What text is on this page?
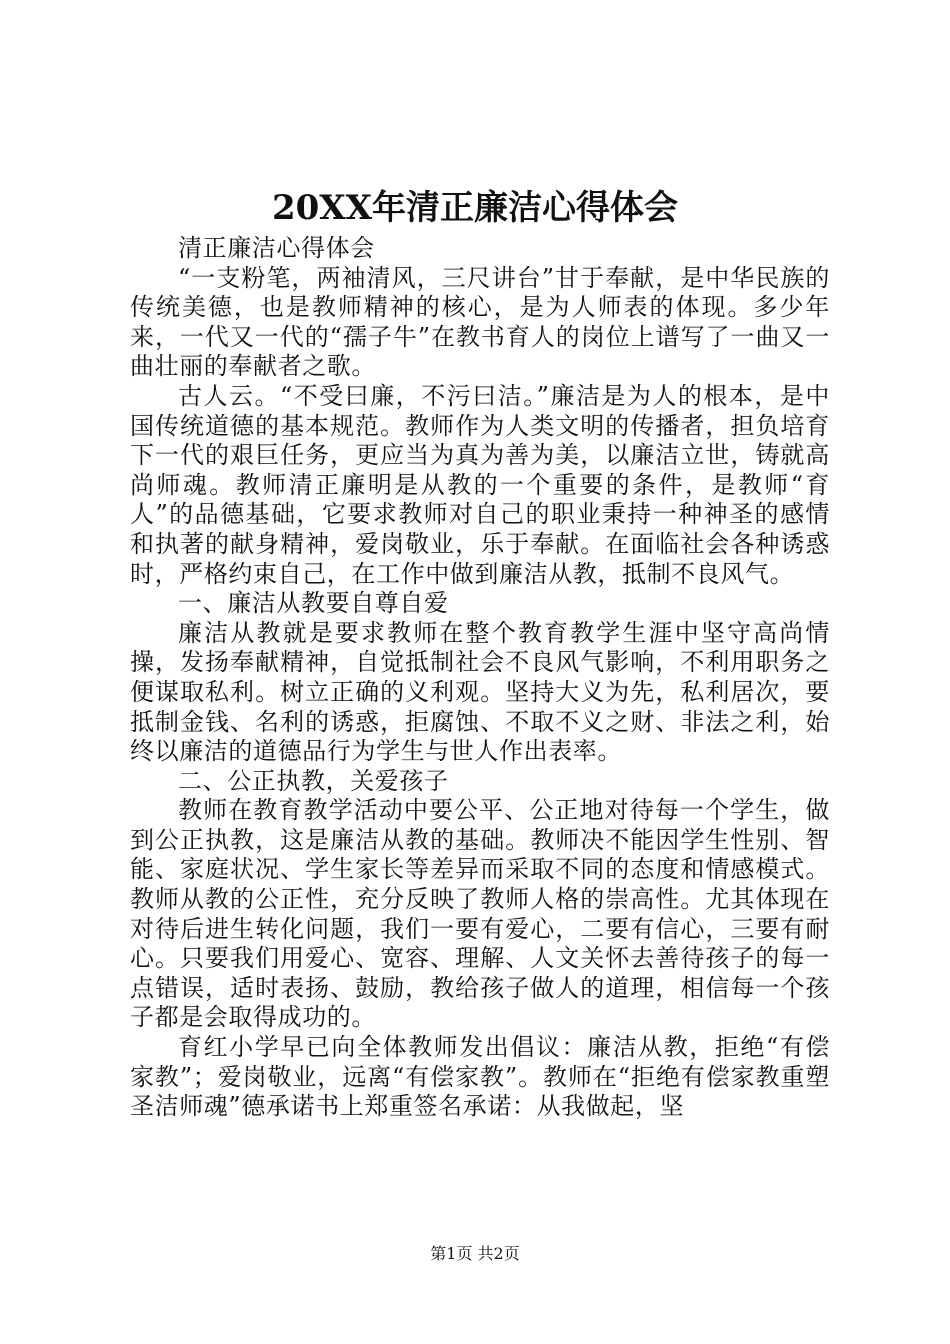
20XX年清正廉洁心得体会

清正廉洁心得体会

“一支粉笔，两袖清风，三尺讲台”甘于奉献，是中华民族的传统美德，也是教师精神的核心，是为人师表的体现。多少年来，一代又一代的“孺子牛”在教书育人的岗位上谱写了一曲又一曲壮丽的奉献者之歌。

古人云。“不受曰廉，不污曰洁。”廉洁是为人的根本，是中国传统道德的基本规范。教师作为人类文明的传播者，担负培育下一代的艰巨任务，更应当为真为善为美，以廉洁立世，铸就高尚师魂。教师清正廉明是从教的一个重要的条件，是教师“育人”的品德基础，它要求教师对自己的职业秉持一种神圣的感情和执著的献身精神，爱岗敬业，乐于奉献。在面临社会各种诱惑时，严格约束自己，在工作中做到廉洁从教，抵制不良风气。

一、廉洁从教要自尊自爱

廉洁从教就是要求教师在整个教育教学生涯中坚守高尚情操，发扬奉献精神，自觉抵制社会不良风气影响，不利用职务之便谋取私利。树立正确的义利观。坚持大义为先，私利居次，要抵制金钱、名利的诱惑，拒腐蚀、不取不义之财、非法之利，始终以廉洁的道德品行为学生与世人作出表率。

二、公正执教，关爱孩子

教师在教育教学活动中要公平、公正地对待每一个学生，做到公正执教，这是廉洁从教的基础。教师决不能因学生性别、智能、家庭状况、学生家长等差异而采取不同的态度和情感模式。教师从教的公正性，充分反映了教师人格的崇高性。尤其体现在对待后进生转化问题，我们一要有爱心，二要有信心，三要有耐心。只要我们用爱心、宽容、理解、人文关怀去善待孩子的每一点错误，适时表扬、鼓励，教给孩子做人的道理，相信每一个孩子都是会取得成功的。

育红小学早已向全体教师发出倡议：廉洁从教，拒绝“有偿家教”；爱岗敬业，远离“有偿家教”。教师在“拒绝有偿家教重塑圣洁师魂”德承诺书上郑重签名承诺：从我做起，坚

第1页 共2页
